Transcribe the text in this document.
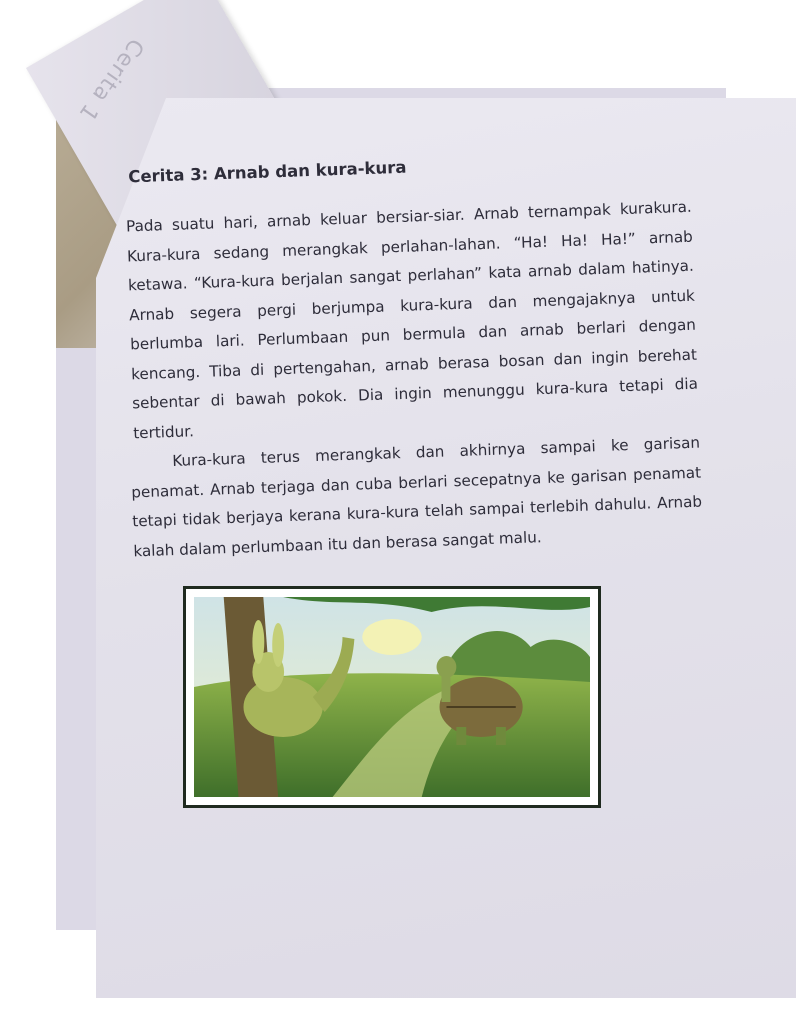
Cerita 1
Cerita 3: Arnab dan kura-kura

Pada suatu hari, arnab keluar bersiar-siar. Arnab ternampak kurakura. Kura-kura sedang merangkak perlahan-lahan. “Ha! Ha! Ha!” arnab ketawa. “Kura-kura berjalan sangat perlahan” kata arnab dalam hatinya. Arnab segera pergi berjumpa kura-kura dan mengajaknya untuk berlumba lari. Perlumbaan pun bermula dan arnab berlari dengan kencang. Tiba di pertengahan, arnab berasa bosan dan ingin berehat sebentar di bawah pokok. Dia ingin menunggu kura-kura tetapi dia tertidur.

Kura-kura terus merangkak dan akhirnya sampai ke garisan penamat. Arnab terjaga dan cuba berlari secepatnya ke garisan penamat tetapi tidak berjaya kerana kura-kura telah sampai terlebih dahulu. Arnab kalah dalam perlumbaan itu dan berasa sangat malu.
